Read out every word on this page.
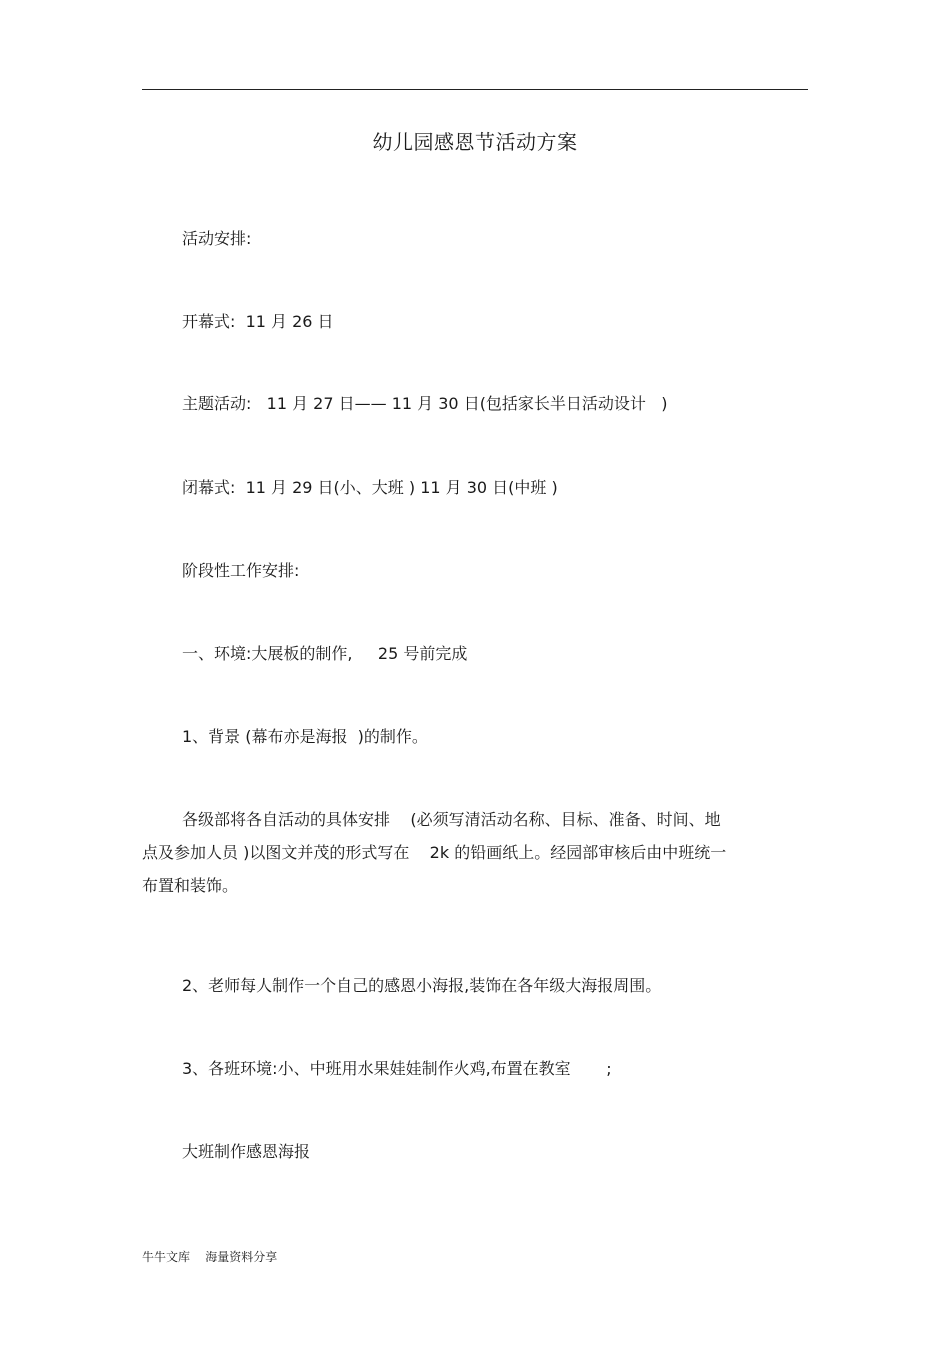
幼儿园感恩节活动方案
活动安排:
开幕式:  11 月 26 日
主题活动:   11 月 27 日—— 11 月 30 日(包括家长半日活动设计   )
闭幕式:  11 月 29 日(小、大班 ) 11 月 30 日(中班 )
阶段性工作安排:
一、环境:大展板的制作,     25 号前完成
1、背景 (幕布亦是海报  )的制作。
各级部将各自活动的具体安排    (必须写清活动名称、目标、准备、时间、地
点及参加人员 )以图文并茂的形式写在    2k 的铅画纸上。经园部审核后由中班统一
布置和装饰。
2、老师每人制作一个自己的感恩小海报,装饰在各年级大海报周围。
3、各班环境:小、中班用水果娃娃制作火鸡,布置在教室       ;
大班制作感恩海报
牛牛文库    海量资料分享
